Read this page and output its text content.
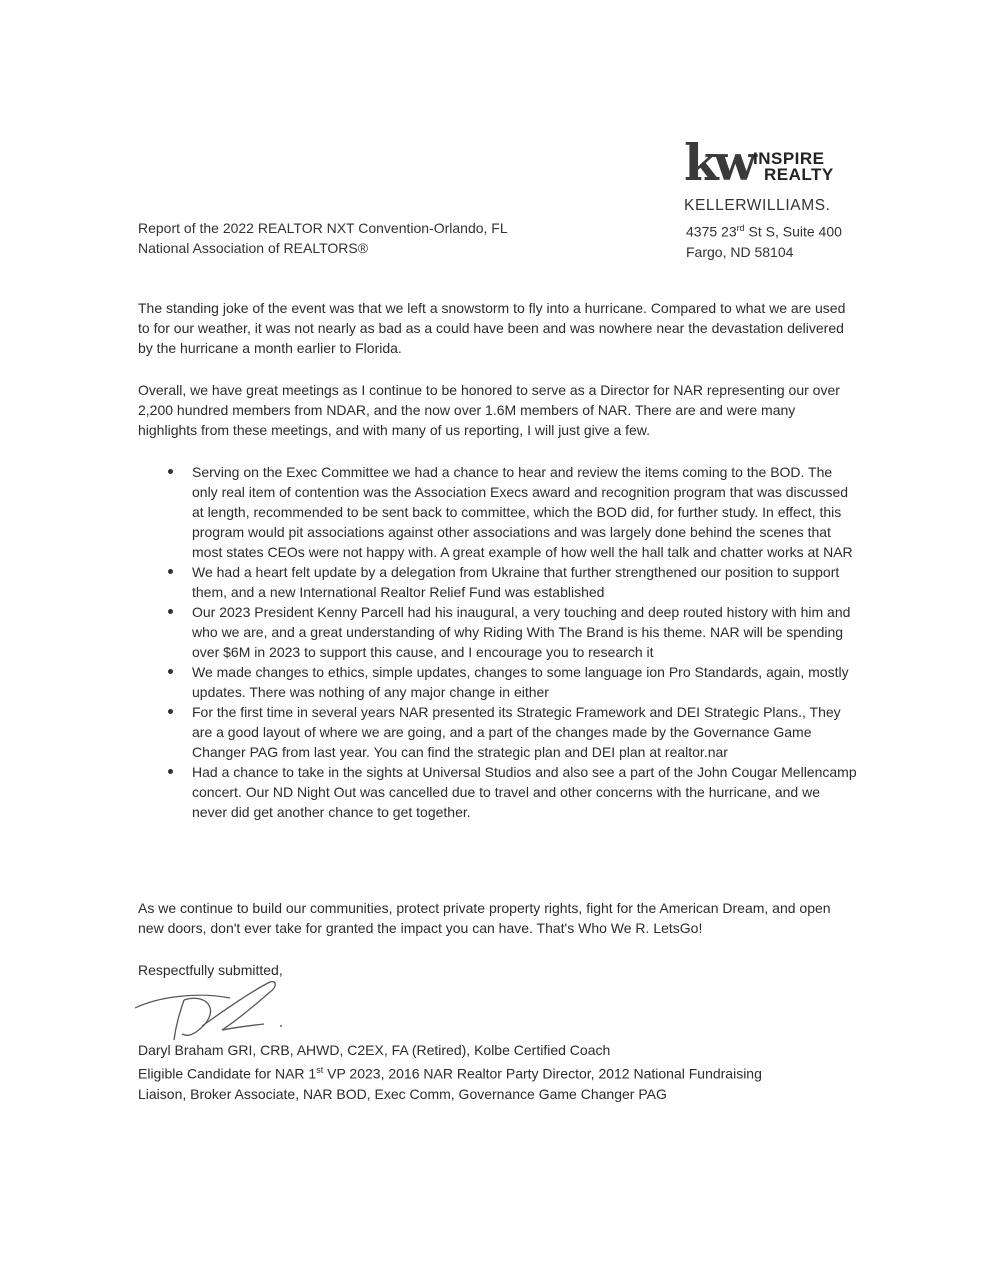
kw INSPIRE
REALTY
KELLERWILLIAMS.
4375 23rd St S, Suite 400
Fargo, ND 58104
Report of the 2022 REALTOR NXT Convention-Orlando, FL
National Association of REALTORS®
The standing joke of the event was that we left a snowstorm to fly into a hurricane. Compared to what we are used to for our weather, it was not nearly as bad as a could have been and was nowhere near the devastation delivered by the hurricane a month earlier to Florida.
Overall, we have great meetings as I continue to be honored to serve as a Director for NAR representing our over 2,200 hundred members from NDAR, and the now over 1.6M members of NAR. There are and were many highlights from these meetings, and with many of us reporting, I will just give a few.
Serving on the Exec Committee we had a chance to hear and review the items coming to the BOD. The only real item of contention was the Association Execs award and recognition program that was discussed at length, recommended to be sent back to committee, which the BOD did, for further study. In effect, this program would pit associations against other associations and was largely done behind the scenes that most states CEOs were not happy with. A great example of how well the hall talk and chatter works at NAR
We had a heart felt update by a delegation from Ukraine that further strengthened our position to support them, and a new International Realtor Relief Fund was established
Our 2023 President Kenny Parcell had his inaugural, a very touching and deep routed history with him and who we are, and a great understanding of why Riding With The Brand is his theme. NAR will be spending over $6M in 2023 to support this cause, and I encourage you to research it
We made changes to ethics, simple updates, changes to some language ion Pro Standards, again, mostly updates. There was nothing of any major change in either
For the first time in several years NAR presented its Strategic Framework and DEI Strategic Plans., They are a good layout of where we are going, and a part of the changes made by the Governance Game Changer PAG from last year. You can find the strategic plan and DEI plan at realtor.nar
Had a chance to take in the sights at Universal Studios and also see a part of the John Cougar Mellencamp concert. Our ND Night Out was cancelled due to travel and other concerns with the hurricane, and we never did get another chance to get together.
As we continue to build our communities, protect private property rights, fight for the American Dream, and open new doors, don't ever take for granted the impact you can have. That's Who We R. LetsGo!
Respectfully submitted,
Daryl Braham GRI, CRB, AHWD, C2EX, FA (Retired), Kolbe Certified Coach
Eligible Candidate for NAR 1st VP 2023, 2016 NAR Realtor Party Director, 2012 National Fundraising
Liaison, Broker Associate, NAR BOD, Exec Comm, Governance Game Changer PAG
